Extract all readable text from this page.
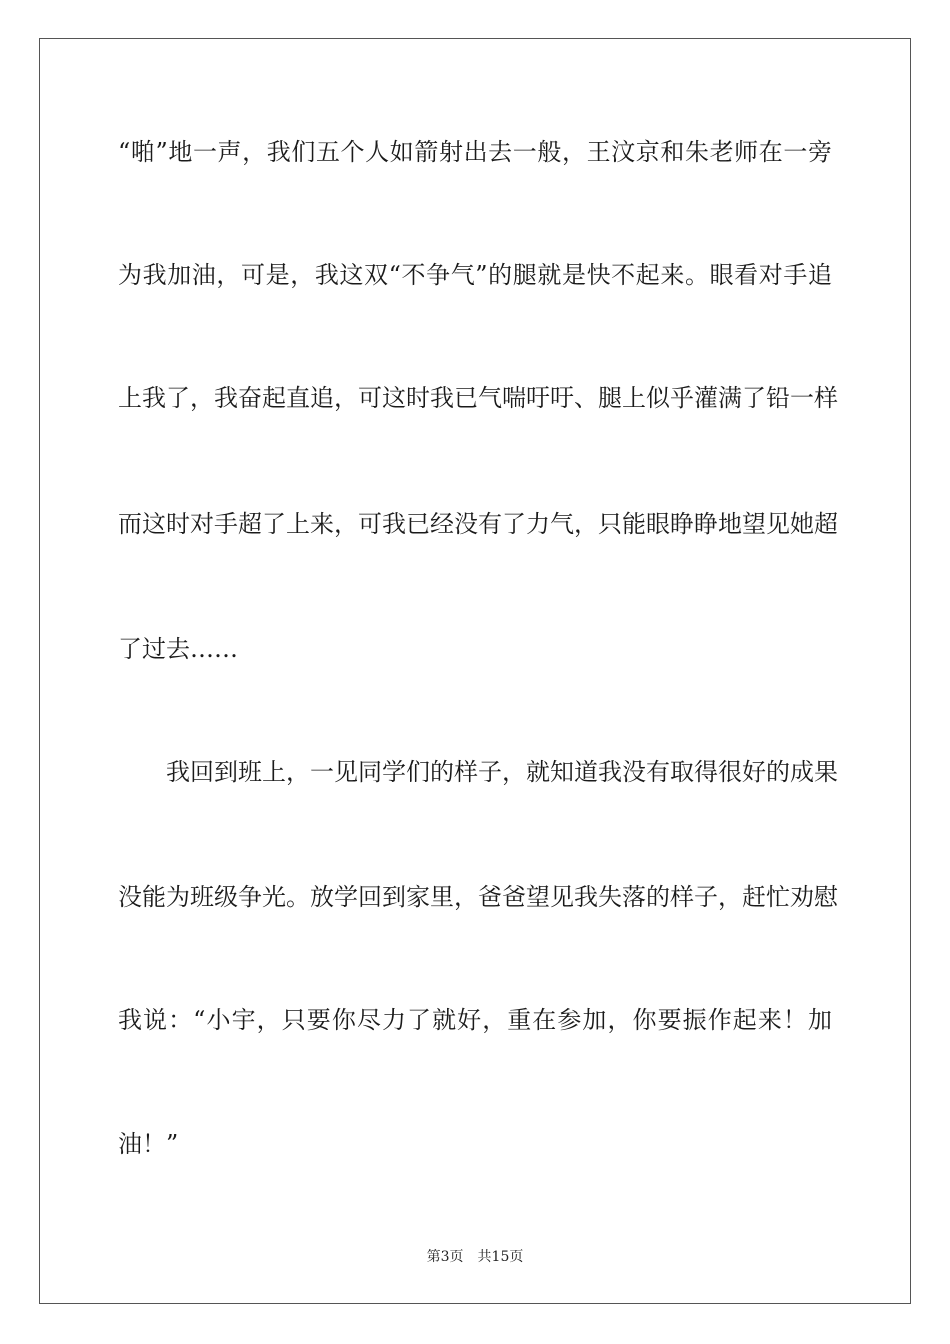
“啪”地一声，我们五个人如箭射出去一般，王汶京和朱老师在一旁
为我加油，可是，我这双“不争气”的腿就是快不起来。眼看对手追
上我了，我奋起直追，可这时我已气喘吁吁、腿上似乎灌满了铅一样
而这时对手超了上来，可我已经没有了力气，只能眼睁睁地望见她超
了过去……
我回到班上，一见同学们的样子，就知道我没有取得很好的成果
没能为班级争光。放学回到家里，爸爸望见我失落的样子，赶忙劝慰
我说：“小宇，只要你尽力了就好，重在参加，你要振作起来！加
油！”
第3页 共15页
